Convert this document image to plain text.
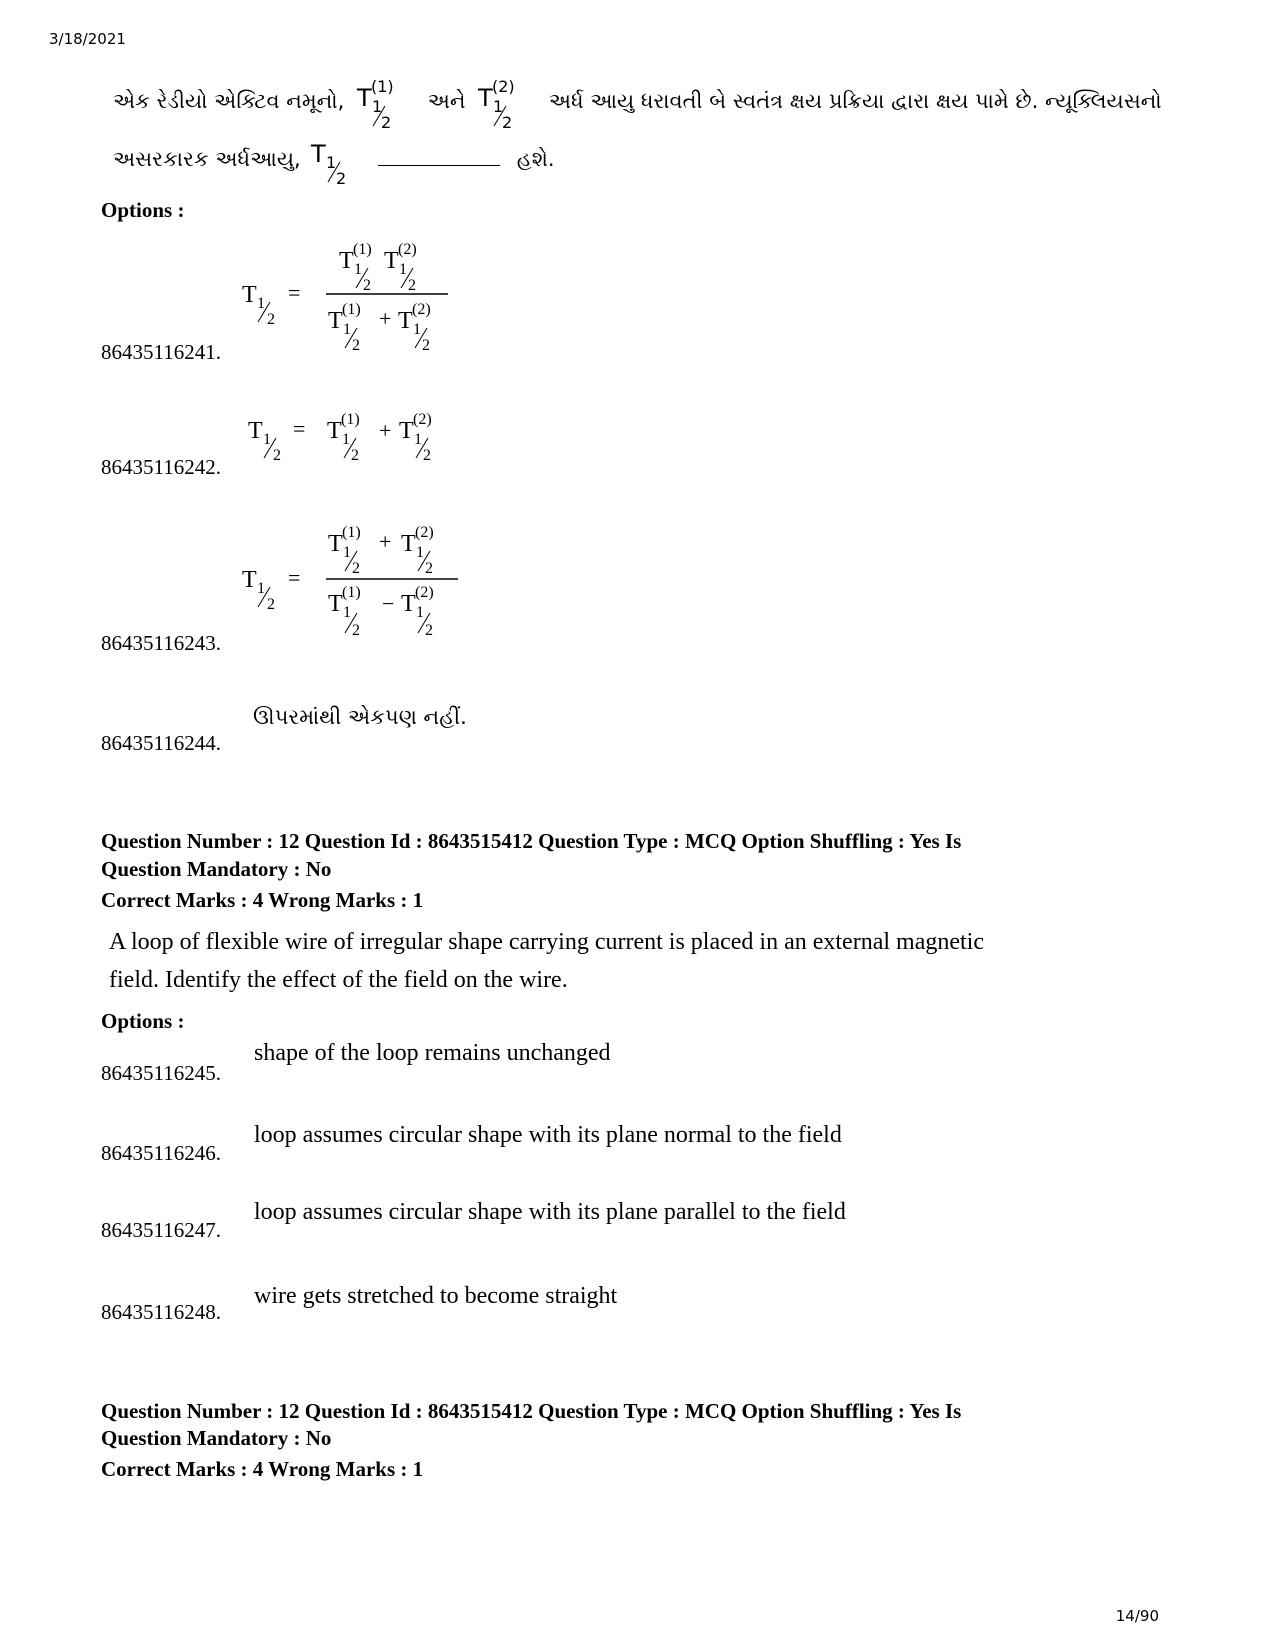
3/18/2021
એક રેડીયો એક્ટિવ નમૂનો, T (1)
1
2
અને T (2)
1
2
અર્ધ આયુ ધરાવતી બે સ્વતંત્ર ક્ષય પ્રક્રિયા દ્વારા ક્ષય પામે છે. ન્યૂક્લિયસનો
અસરકારક અર્ધઆયુ, T 1
2
હશે.
Options :
T 1
2
=
T (1)
1
2
T (2)
1
2
T (1)
1
2
+ T (2)
1
2
86435116241.
T 1
2
= T (1)
1
2
+ T (2)
1
2
86435116242.
T 1
2
=
T (1)
1
2
+ T (2)
1
2
T (1)
1
2
− T (2)
1
2
86435116243.
ઊપરમાંથી એકપણ નહીં.
86435116244.
Question Number : 12 Question Id : 8643515412 Question Type : MCQ Option Shuffling : Yes Is
Question Mandatory : No
Correct Marks : 4 Wrong Marks : 1
A loop of flexible wire of irregular shape carrying current is placed in an external magnetic
field. Identify the effect of the field on the wire.
Options :
shape of the loop remains unchanged
86435116245.
loop assumes circular shape with its plane normal to the field
86435116246.
loop assumes circular shape with its plane parallel to the field
86435116247.
wire gets stretched to become straight
86435116248.
Question Number : 12 Question Id : 8643515412 Question Type : MCQ Option Shuffling : Yes Is
Question Mandatory : No
Correct Marks : 4 Wrong Marks : 1
14/90
